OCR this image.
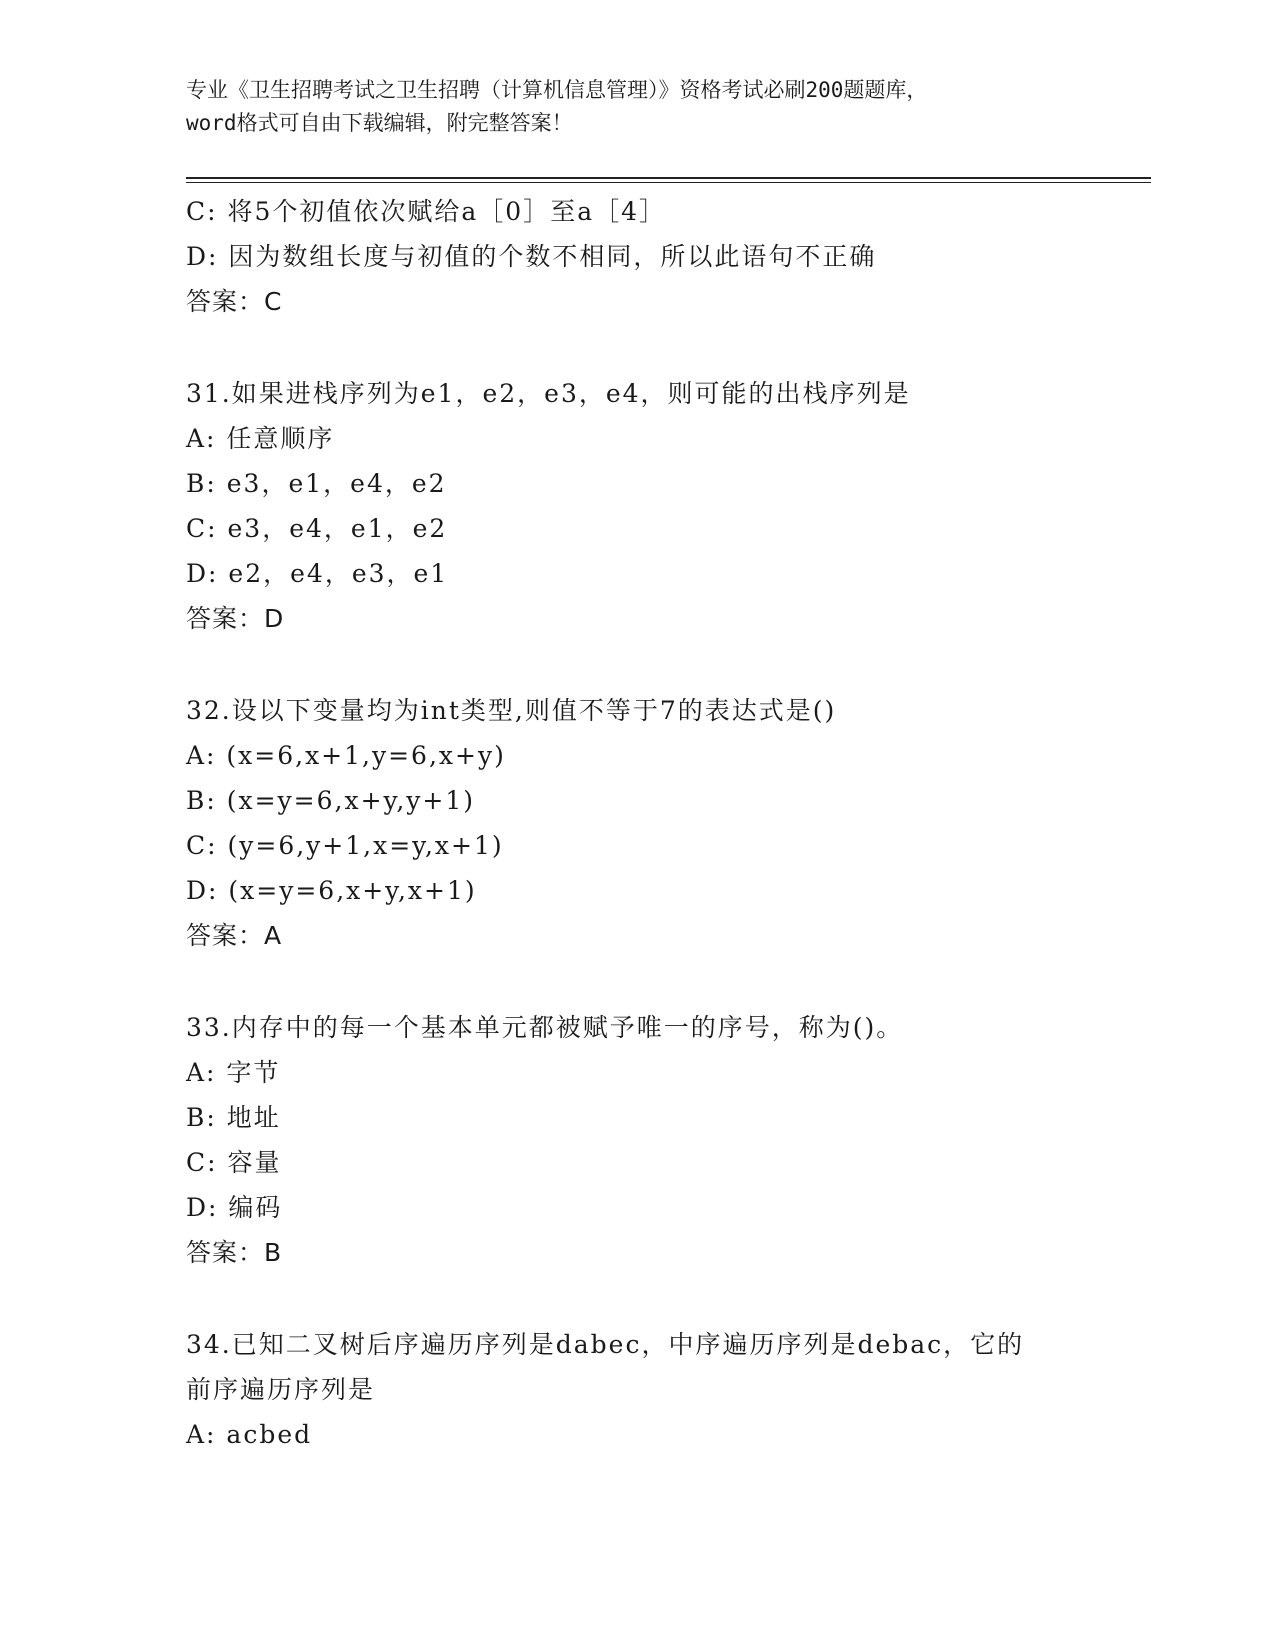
专业《卫生招聘考试之卫生招聘（计算机信息管理）》资格考试必刷200题题库，
word格式可自由下载编辑，附完整答案！
C: 将5个初值依次赋给a［0］至a［4］
D: 因为数组长度与初值的个数不相同，所以此语句不正确
答案：C
31.如果进栈序列为e1，e2，e3，e4，则可能的出栈序列是
A: 任意顺序
B: e3，e1，e4，e2
C: e3，e4，e1，e2
D: e2，e4，e3，e1
答案：D
32.设以下变量均为int类型,则值不等于7的表达式是()
A: (x=6,x+1,y=6,x+y)
B: (x=y=6,x+y,y+1)
C: (y=6,y+1,x=y,x+1)
D: (x=y=6,x+y,x+1)
答案：A
33.内存中的每一个基本单元都被赋予唯一的序号，称为()。
A: 字节
B: 地址
C: 容量
D: 编码
答案：B
34.已知二叉树后序遍历序列是dabec，中序遍历序列是debac，它的
前序遍历序列是
A: acbed
